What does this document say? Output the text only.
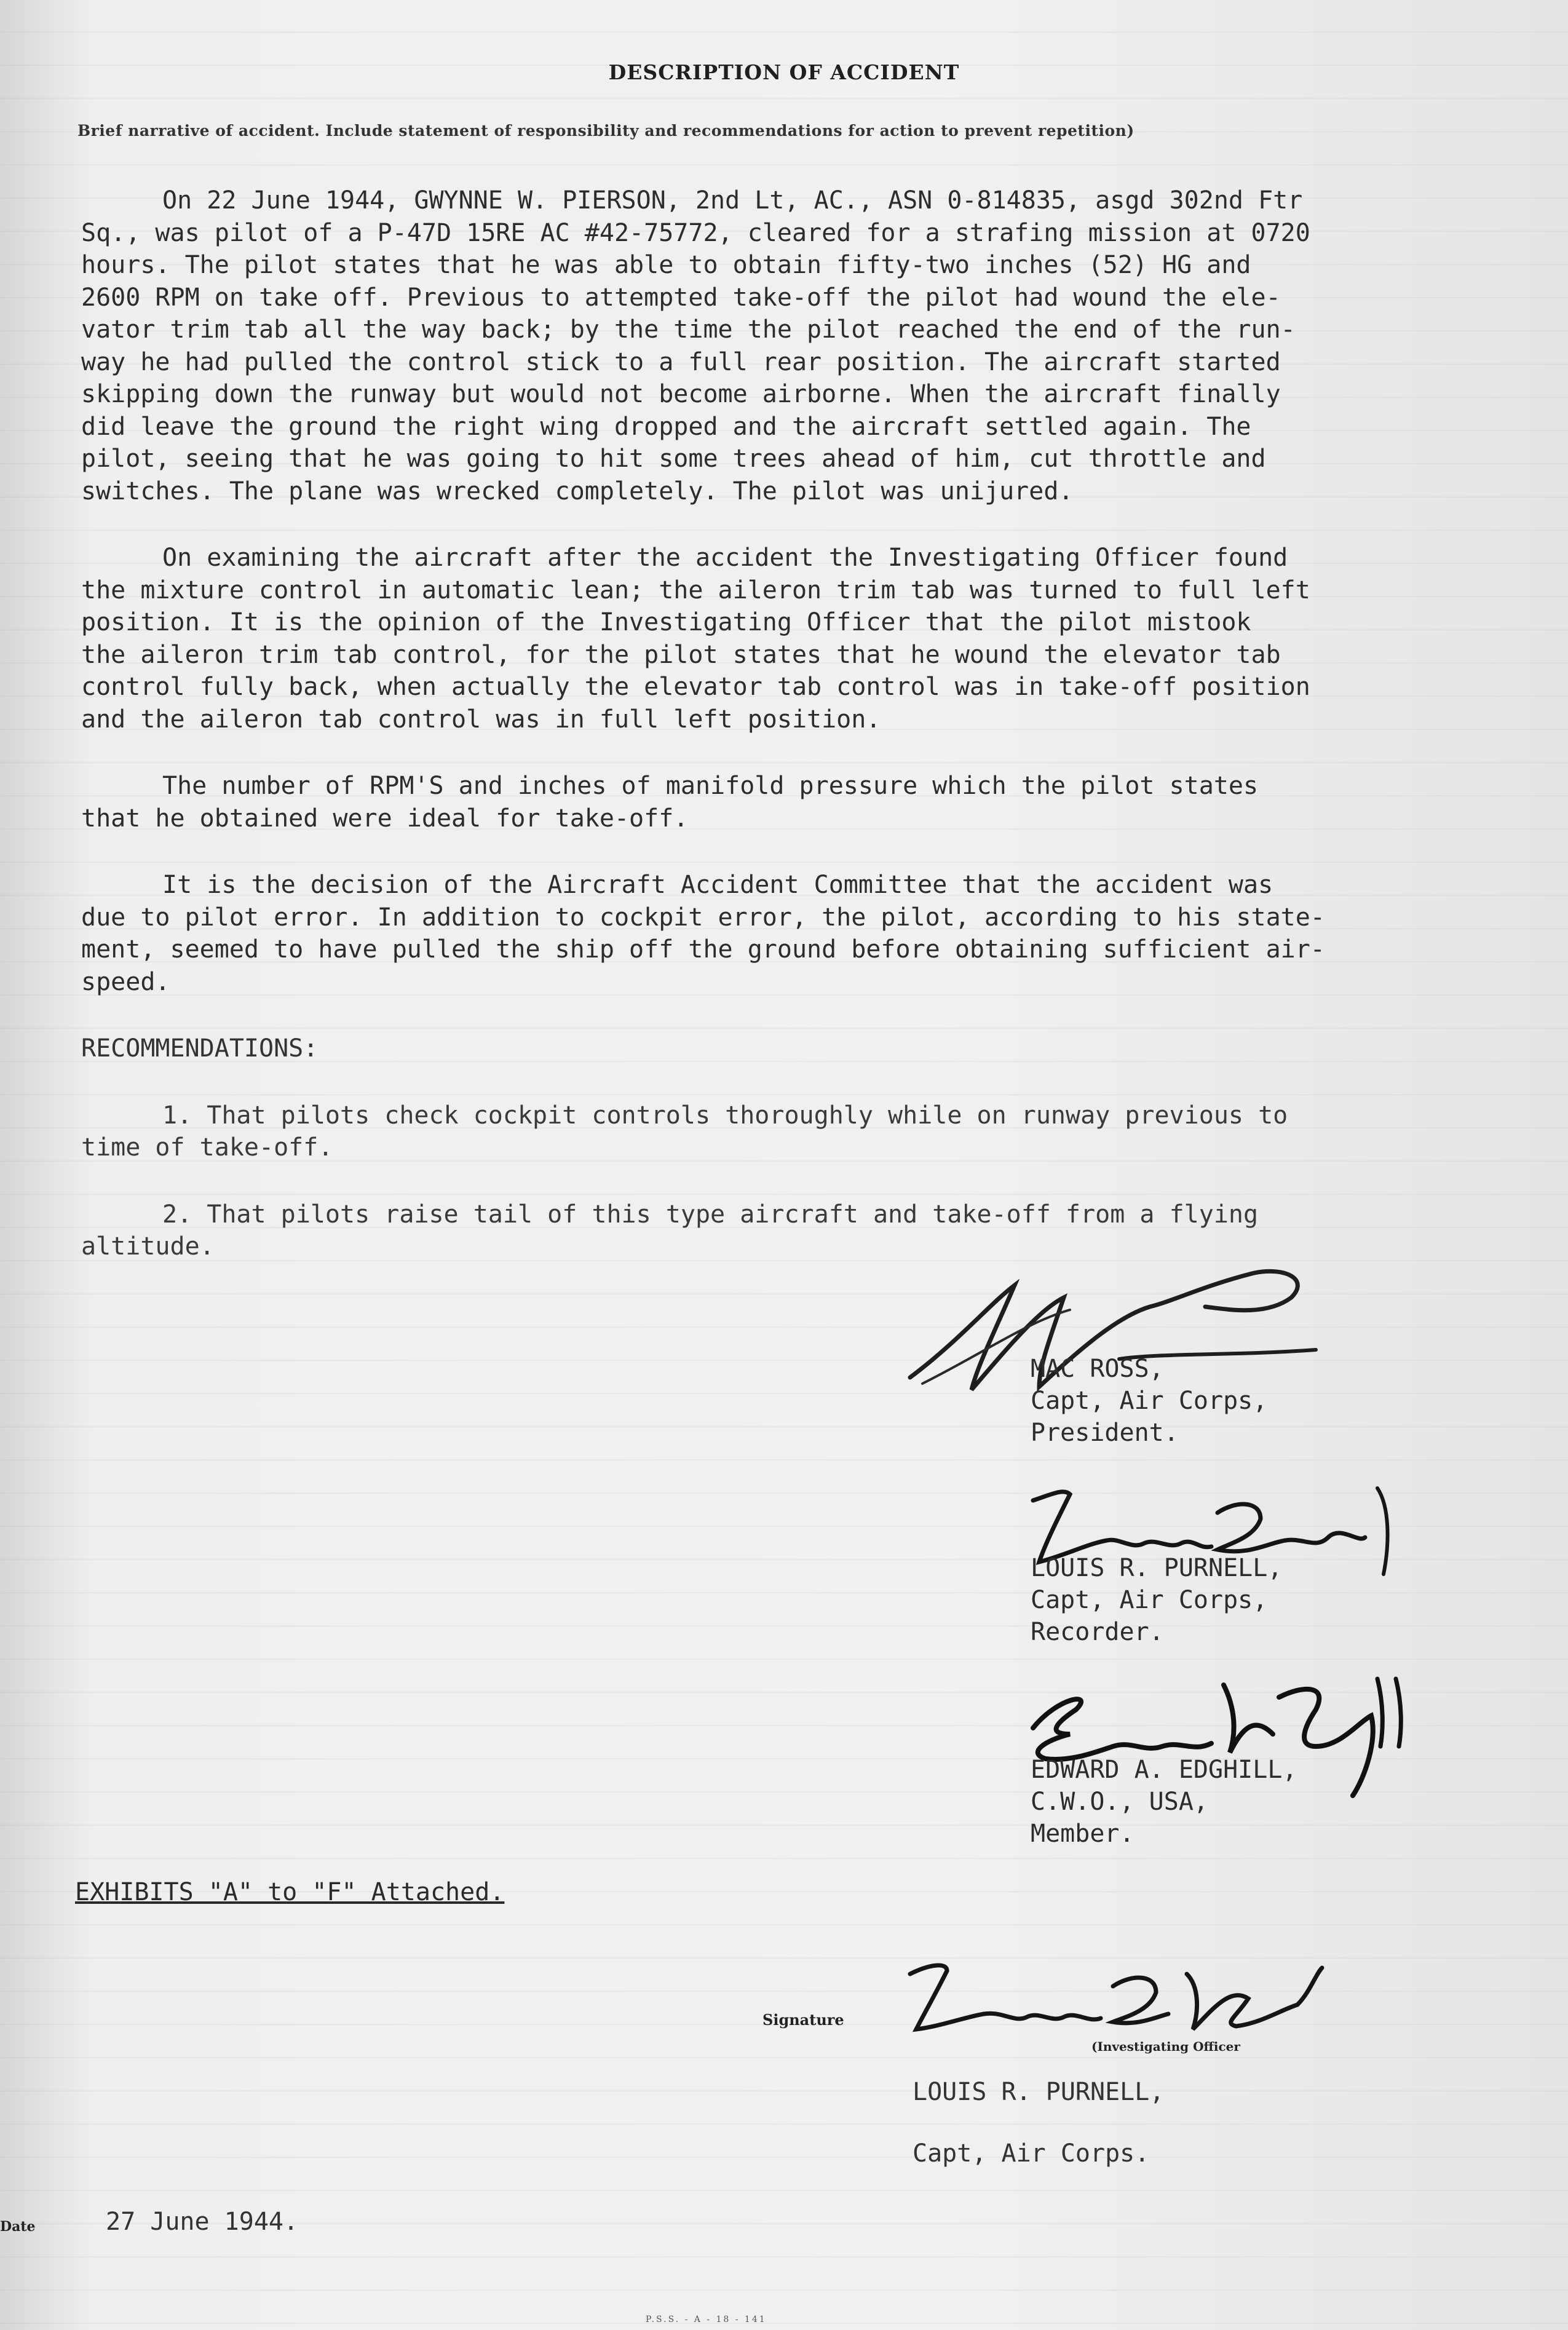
DESCRIPTION OF ACCIDENT
Brief narrative of accident. Include statement of responsibility and recommendations for action to prevent repetition)

On 22 June 1944, GWYNNE W. PIERSON, 2nd Lt, AC., ASN 0-814835, asgd 302nd Ftr
Sq., was pilot of a P-47D 15RE AC #42-75772, cleared for a strafing mission at 0720
hours. The pilot states that he was able to obtain fifty-two inches (52) HG and
2600 RPM on take off. Previous to attempted take-off the pilot had wound the ele-
vator trim tab all the way back; by the time the pilot reached the end of the run-
way he had pulled the control stick to a full rear position. The aircraft started
skipping down the runway but would not become airborne. When the aircraft finally
did leave the ground the right wing dropped and the aircraft settled again. The
pilot, seeing that he was going to hit some trees ahead of him, cut throttle and
switches. The plane was wrecked completely. The pilot was unijured.

On examining the aircraft after the accident the Investigating Officer found
the mixture control in automatic lean; the aileron trim tab was turned to full left
position. It is the opinion of the Investigating Officer that the pilot mistook
the aileron trim tab control, for the pilot states that he wound the elevator tab
control fully back, when actually the elevator tab control was in take-off position
and the aileron tab control was in full left position.

The number of RPM'S and inches of manifold pressure which the pilot states
that he obtained were ideal for take-off.

It is the decision of the Aircraft Accident Committee that the accident was
due to pilot error. In addition to cockpit error, the pilot, according to his state-
ment, seemed to have pulled the ship off the ground before obtaining sufficient air-
speed.

RECOMMENDATIONS:

1. That pilots check cockpit controls thoroughly while on runway previous to
time of take-off.

2. That pilots raise tail of this type aircraft and take-off from a flying
altitude.

MAC ROSS,
Capt, Air Corps,
President.
LOUIS R. PURNELL,
Capt, Air Corps,
Recorder.
EDWARD A. EDGHILL,
C.W.O., USA,
Member.
EXHIBITS "A" to "F" Attached.
Signature
(Investigating Officer
LOUIS R. PURNELL,
Capt, Air Corps.
Date	27 June 1944.
P.S.S. - A - 18 - 141
